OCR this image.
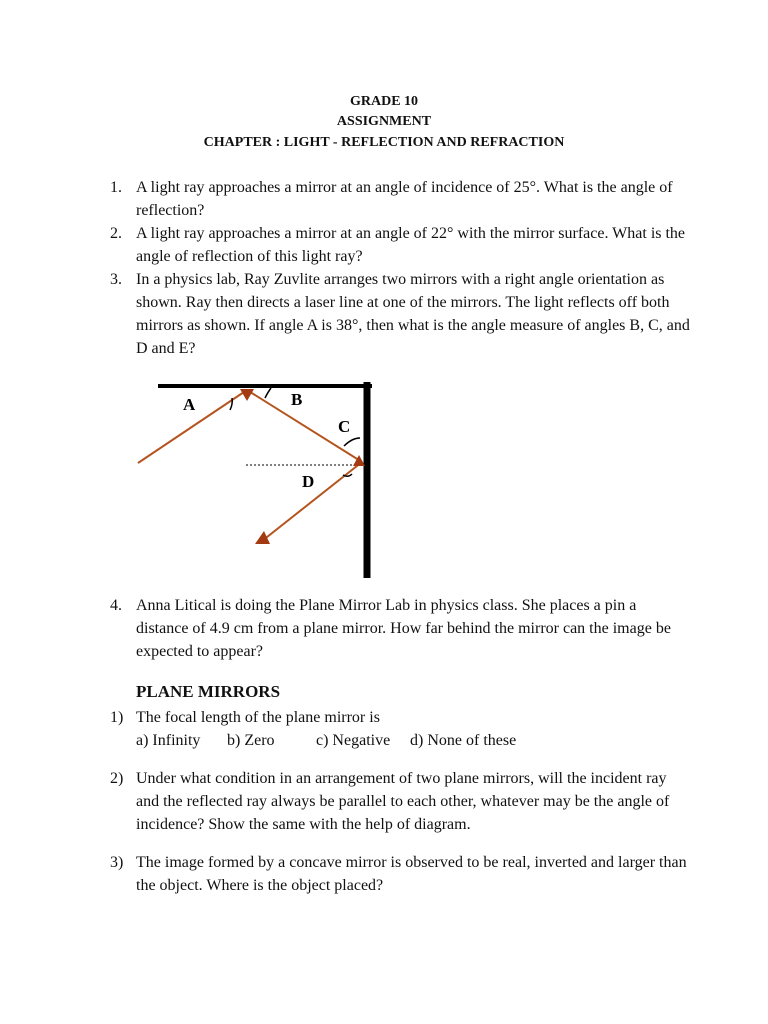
GRADE 10
ASSIGNMENT
CHAPTER : LIGHT - REFLECTION AND REFRACTION
1. A light ray approaches a mirror at an angle of incidence of 25°. What is the angle of reflection?
2. A light ray approaches a mirror at an angle of 22° with the mirror surface. What is the angle of reflection of this light ray?
3. In a physics lab, Ray Zuvlite arranges two mirrors with a right angle orientation as shown. Ray then directs a laser line at one of the mirrors. The light reflects off both mirrors as shown. If angle A is 38°, then what is the angle measure of angles B, C, and D and E?
A	B
C
D
4. Anna Litical is doing the Plane Mirror Lab in physics class. She places a pin a distance of 4.9 cm from a plane mirror. How far behind the mirror can the image be expected to appear?
PLANE MIRRORS
1) The focal length of the plane mirror is
a) Infinity b) Zero	c) Negative d) None of these
2) Under what condition in an arrangement of two plane mirrors, will the incident ray and the reflected ray always be parallel to each other, whatever may be the angle of incidence? Show the same with the help of diagram.
3) The image formed by a concave mirror is observed to be real, inverted and larger than the object. Where is the object placed?
